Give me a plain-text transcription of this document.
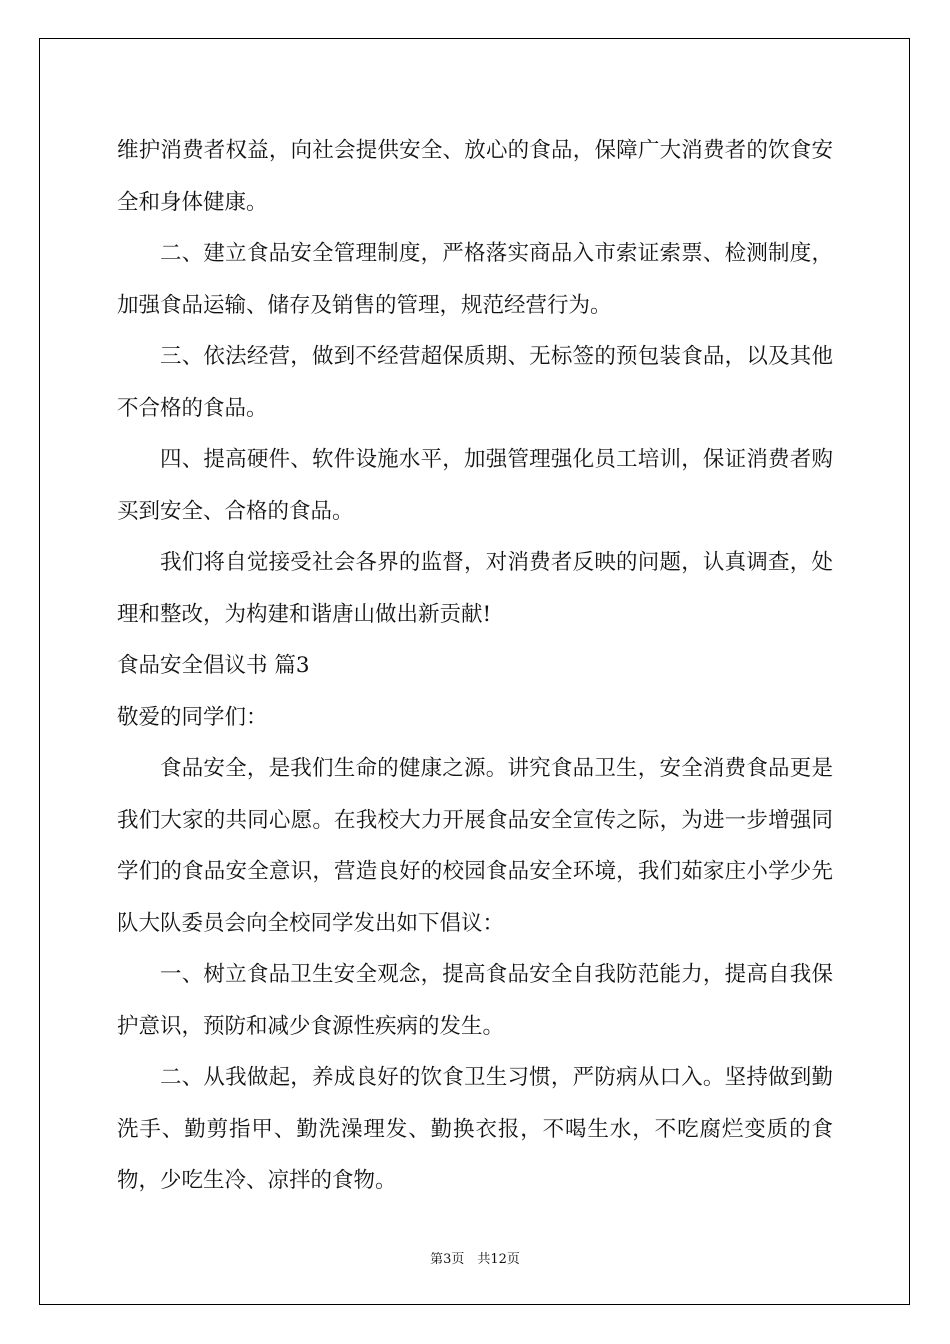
维护消费者权益，向社会提供安全、放心的食品，保障广大消费者的饮食安全和身体健康。

二、建立食品安全管理制度，严格落实商品入市索证索票、检测制度，加强食品运输、储存及销售的管理，规范经营行为。

三、依法经营，做到不经营超保质期、无标签的预包装食品，以及其他不合格的食品。

四、提高硬件、软件设施水平，加强管理强化员工培训，保证消费者购买到安全、合格的食品。

我们将自觉接受社会各界的监督，对消费者反映的问题，认真调查，处理和整改，为构建和谐唐山做出新贡献!

食品安全倡议书 篇3

敬爱的同学们：

食品安全，是我们生命的健康之源。讲究食品卫生，安全消费食品更是我们大家的共同心愿。在我校大力开展食品安全宣传之际，为进一步增强同学们的食品安全意识，营造良好的校园食品安全环境，我们茹家庄小学少先队大队委员会向全校同学发出如下倡议：

一、树立食品卫生安全观念，提高食品安全自我防范能力，提高自我保护意识，预防和减少食源性疾病的发生。

二、从我做起，养成良好的饮食卫生习惯，严防病从口入。坚持做到勤洗手、勤剪指甲、勤洗澡理发、勤换衣报，不喝生水，不吃腐烂变质的食物，少吃生冷、凉拌的食物。

第3页　共12页
